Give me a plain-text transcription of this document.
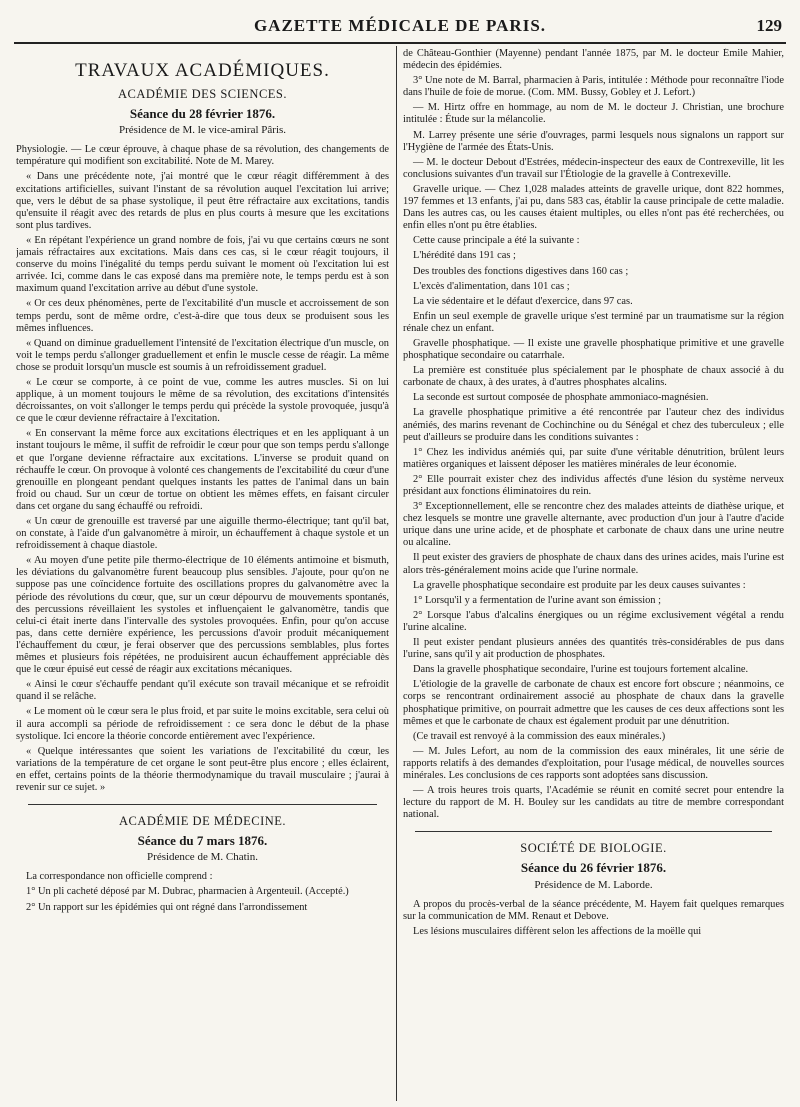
GAZETTE MÉDICALE DE PARIS.	129
TRAVAUX ACADÉMIQUES.
ACADÉMIE DES SCIENCES.
Séance du 28 février 1876.
Présidence de M. le vice-amiral Pâris.

Physiologie. — Le cœur éprouve, à chaque phase de sa révolution, des changements de température qui modifient son excitabilité. Note de M. Marey.

« Dans une précédente note, j'ai montré que le cœur réagit différemment à des excitations artificielles, suivant l'instant de sa révolution auquel l'excitation lui arrive; que, vers le début de sa phase systolique, il peut être réfractaire aux excitations, tandis qu'ensuite il réagit avec des retards de plus en plus courts à mesure que les excitations sont plus tardives.

« En répétant l'expérience un grand nombre de fois, j'ai vu que certains cœurs ne sont jamais réfractaires aux excitations. Mais dans ces cas, si le cœur réagit toujours, il conserve du moins l'inégalité du temps perdu suivant le moment où l'excitation lui est arrivée. Ici, comme dans le cas exposé dans ma première note, le temps perdu est à son maximum quand l'excitation arrive au début d'une systole.

« Or ces deux phénomènes, perte de l'excitabilité d'un muscle et accroissement de son temps perdu, sont de même ordre, c'est-à-dire que tous deux se produisent sous les mêmes influences.

« Quand on diminue graduellement l'intensité de l'excitation électrique d'un muscle, on voit le temps perdu s'allonger graduellement et enfin le muscle cesse de réagir. La même chose se produit lorsqu'un muscle est soumis à un refroidissement graduel.

« Le cœur se comporte, à ce point de vue, comme les autres muscles. Si on lui applique, à un moment toujours le même de sa révolution, des excitations d'intensités décroissantes, on voit s'allonger le temps perdu qui précède la systole provoquée, jusqu'à ce que le cœur devienne réfractaire à l'excitation.

« En conservant la même force aux excitations électriques et en les appliquant à un instant toujours le même, il suffit de refroidir le cœur pour que son temps perdu s'allonge et que l'organe devienne réfractaire aux excitations. L'inverse se produit quand on réchauffe le cœur. On provoque à volonté ces changements de l'excitabilité du cœur d'une grenouille en plongeant pendant quelques instants les pattes de l'animal dans un bain froid ou chaud. Sur un cœur de tortue on obtient les mêmes effets, en faisant circuler dans cet organe du sang échauffé ou refroidi.

« Un cœur de grenouille est traversé par une aiguille thermo-électrique; tant qu'il bat, on constate, à l'aide d'un galvanomètre à miroir, un échauffement à chaque systole et un refroidissement à chaque diastole.

« Au moyen d'une petite pile thermo-électrique de 10 éléments antimoine et bismuth, les déviations du galvanomètre furent beaucoup plus sensibles. J'ajoute, pour qu'on ne suppose pas une coïncidence fortuite des oscillations propres du galvanomètre avec la période des révolutions du cœur, que, sur un cœur dépourvu de mouvements spontanés, des percussions réveillaient les systoles et influençaient le galvanomètre, tandis que celui-ci était inerte dans l'intervalle des systoles provoquées. Enfin, pour qu'on accuse pas, dans cette dernière expérience, les percussions d'avoir produit mécaniquement l'échauffement du cœur, je ferai observer que des percussions semblables, plus fortes mêmes et plusieurs fois répétées, ne produisirent aucun échauffement appréciable dès que le cœur épuisé eut cessé de réagir aux excitations mécaniques.

« Ainsi le cœur s'échauffe pendant qu'il exécute son travail mécanique et se refroidit quand il se relâche.

« Le moment où le cœur sera le plus froid, et par suite le moins excitable, sera celui où il aura accompli sa période de refroidissement : ce sera donc le début de la phase systolique. Ici encore la théorie concorde entièrement avec l'expérience.

« Quelque intéressantes que soient les variations de l'excitabilité du cœur, les variations de la température de cet organe le sont peut-être plus encore ; elles éclairent, en effet, certains points de la théorie thermodynamique du travail musculaire ; j'aurai à revenir sur ce sujet. »

ACADÉMIE DE MÉDECINE.
Séance du 7 mars 1876.
Présidence de M. Chatin.

La correspondance non officielle comprend :

1° Un pli cacheté déposé par M. Dubrac, pharmacien à Argenteuil. (Accepté.)

2° Un rapport sur les épidémies qui ont régné dans l'arrondissement

de Château-Gonthier (Mayenne) pendant l'année 1875, par M. le docteur Émile Mahier, médecin des épidémies.

3° Une note de M. Barral, pharmacien à Paris, intitulée : Méthode pour reconnaître l'iode dans l'huile de foie de morue. (Com. MM. Bussy, Gobley et J. Lefort.)

— M. Hirtz offre en hommage, au nom de M. le docteur J. Christian, une brochure intitulée : Étude sur la mélancolie.

M. Larrey présente une série d'ouvrages, parmi lesquels nous signalons un rapport sur l'Hygiène de l'armée des États-Unis.

— M. le docteur Debout d'Estrées, médecin-inspecteur des eaux de Contrexeville, lit les conclusions suivantes d'un travail sur l'Étiologie de la gravelle à Contrexeville.

Gravelle urique. — Chez 1,028 malades atteints de gravelle urique, dont 822 hommes, 197 femmes et 13 enfants, j'ai pu, dans 583 cas, établir la cause principale de cette maladie. Dans les autres cas, ou les causes étaient multiples, ou elles n'ont pas été recherchées, ou enfin elles n'ont pu être établies.

Cette cause principale a été la suivante :

L'hérédité dans 191 cas ;

Des troubles des fonctions digestives dans 160 cas ;

L'excès d'alimentation, dans 101 cas ;

La vie sédentaire et le défaut d'exercice, dans 97 cas.

Enfin un seul exemple de gravelle urique s'est terminé par un traumatisme sur la région rénale chez un enfant.

Gravelle phosphatique. — Il existe une gravelle phosphatique primitive et une gravelle phosphatique secondaire ou catarrhale.

La première est constituée plus spécialement par le phosphate de chaux associé à du carbonate de chaux, à des urates, à d'autres phosphates alcalins.

La seconde est surtout composée de phosphate ammoniaco-magnésien.

La gravelle phosphatique primitive a été rencontrée par l'auteur chez des individus anémiés, des marins revenant de Cochinchine ou du Sénégal et chez des tuberculeux ; elle peut d'ailleurs se produire dans les conditions suivantes :

1° Chez les individus anémiés qui, par suite d'une véritable dénutrition, brûlent leurs matières organiques et laissent déposer les matières minérales de leur économie.

2° Elle pourrait exister chez des individus affectés d'une lésion du système nerveux présidant aux fonctions éliminatoires du rein.

3° Exceptionnellement, elle se rencontre chez des malades atteints de diathèse urique, et chez lesquels se montre une gravelle alternante, avec production d'un jour à l'autre d'acide urique dans une urine acide, et de phosphate et carbonate de chaux dans une urine neutre ou alcaline.

Il peut exister des graviers de phosphate de chaux dans des urines acides, mais l'urine est alors très-généralement moins acide que l'urine normale.

La gravelle phosphatique secondaire est produite par les deux causes suivantes :

1° Lorsqu'il y a fermentation de l'urine avant son émission ;

2° Lorsque l'abus d'alcalins énergiques ou un régime exclusivement végétal a rendu l'urine alcaline.

Il peut exister pendant plusieurs années des quantités très-considérables de pus dans l'urine, sans qu'il y ait production de phosphates.

Dans la gravelle phosphatique secondaire, l'urine est toujours fortement alcaline.

L'étiologie de la gravelle de carbonate de chaux est encore fort obscure ; néanmoins, ce corps se rencontrant ordinairement associé au phosphate de chaux dans la gravelle phosphatique primitive, on pourrait admettre que les causes de ces deux affections sont les mêmes et que le carbonate de chaux est également produit par une dénutrition.

(Ce travail est renvoyé à la commission des eaux minérales.)

— M. Jules Lefort, au nom de la commission des eaux minérales, lit une série de rapports relatifs à des demandes d'exploitation, pour l'usage médical, de nouvelles sources minérales. Les conclusions de ces rapports sont adoptées sans discussion.

— A trois heures trois quarts, l'Académie se réunit en comité secret pour entendre la lecture du rapport de M. H. Bouley sur les candidats au titre de membre correspondant national.

SOCIÉTÉ DE BIOLOGIE.
Séance du 26 février 1876.
Présidence de M. Laborde.

A propos du procès-verbal de la séance précédente, M. Hayem fait quelques remarques sur la communication de MM. Renaut et Debove.

Les lésions musculaires diffèrent selon les affections de la moëlle qui
